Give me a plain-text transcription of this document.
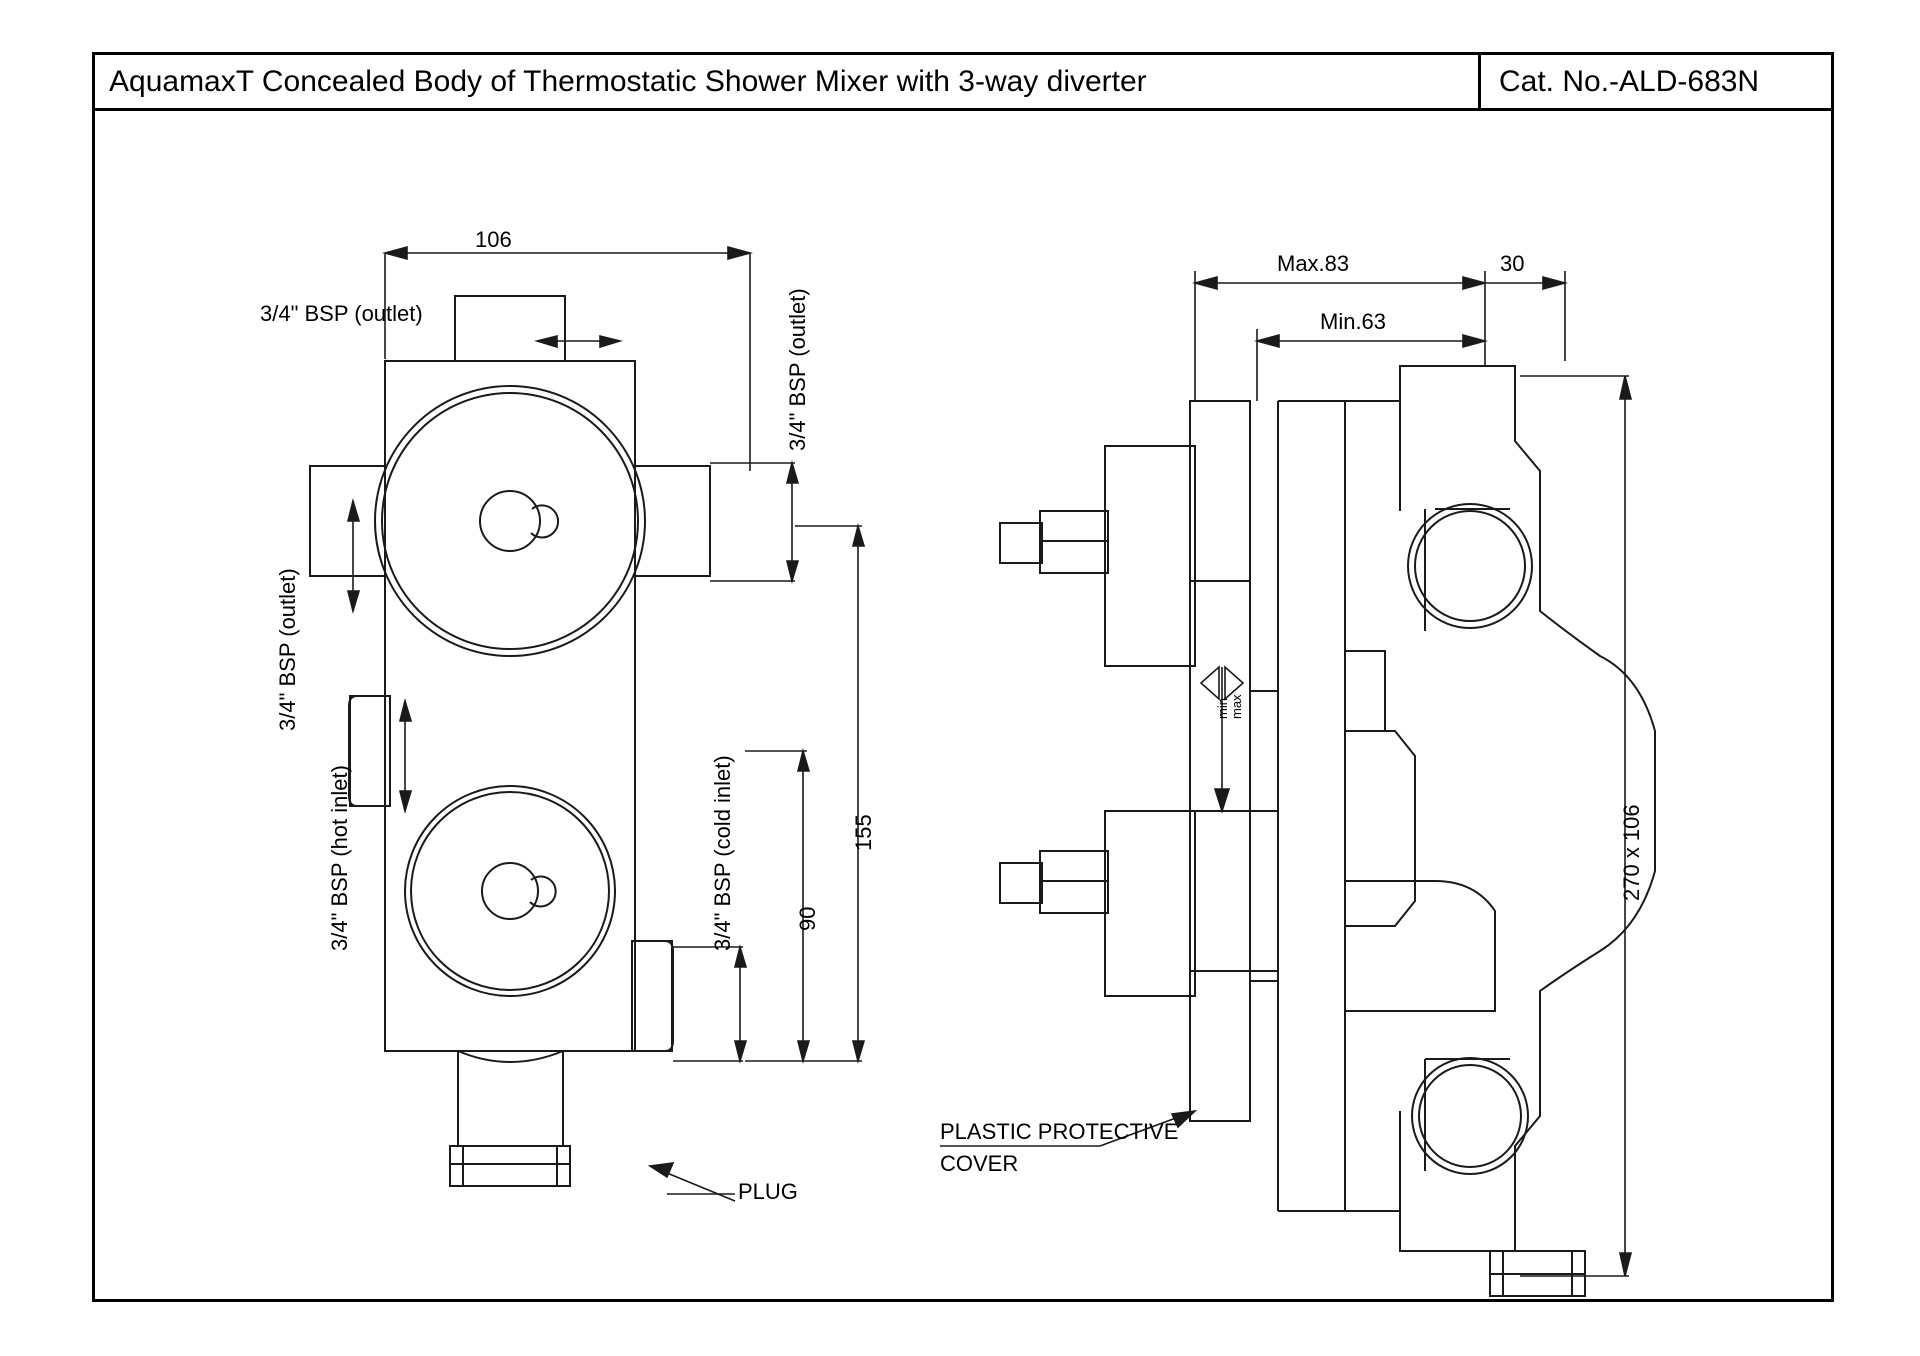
AquamaxT Concealed Body of Thermostatic Shower Mixer with 3-way diverter	Cat. No.-ALD-683N
106
3/4" BSP (outlet)	3/4" BSP (outlet)
3/4" BSP (outlet)
3/4" BSP (hot inlet)	3/4" BSP (cold inlet)	90
155
PLUG
Max.83
Min.63
30
270 x 106
min max
PLASTIC PROTECTIVE
COVER
